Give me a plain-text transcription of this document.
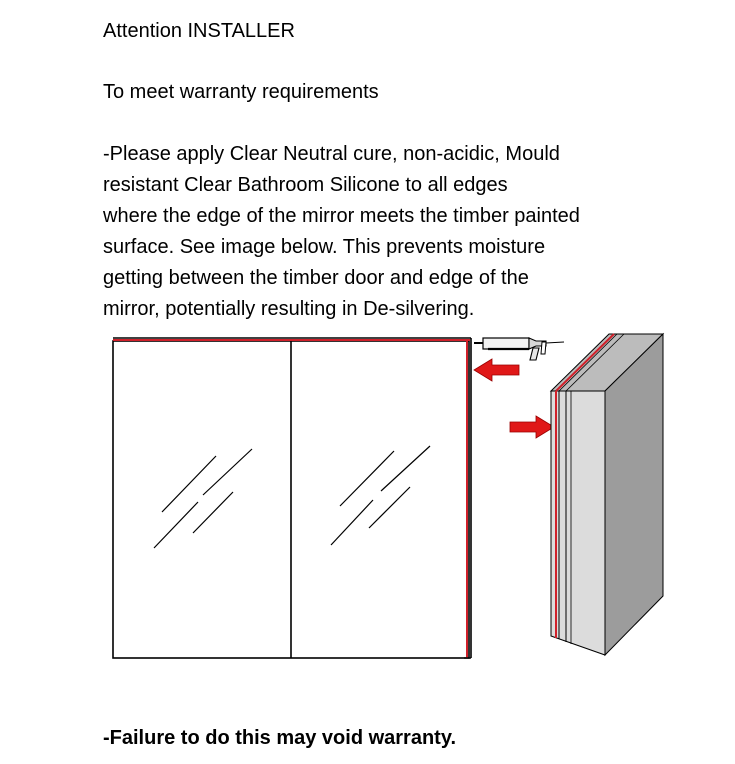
Attention INSTALLER
To meet warranty requirements
-Please apply Clear Neutral cure, non-acidic, Mould
resistant Clear Bathroom Silicone to all edges
where the edge of the mirror meets the timber painted
surface. See image below. This prevents moisture
getting between the timber door and edge of the
mirror, potentially resulting in De-silvering.
-Failure to do this may void warranty.
